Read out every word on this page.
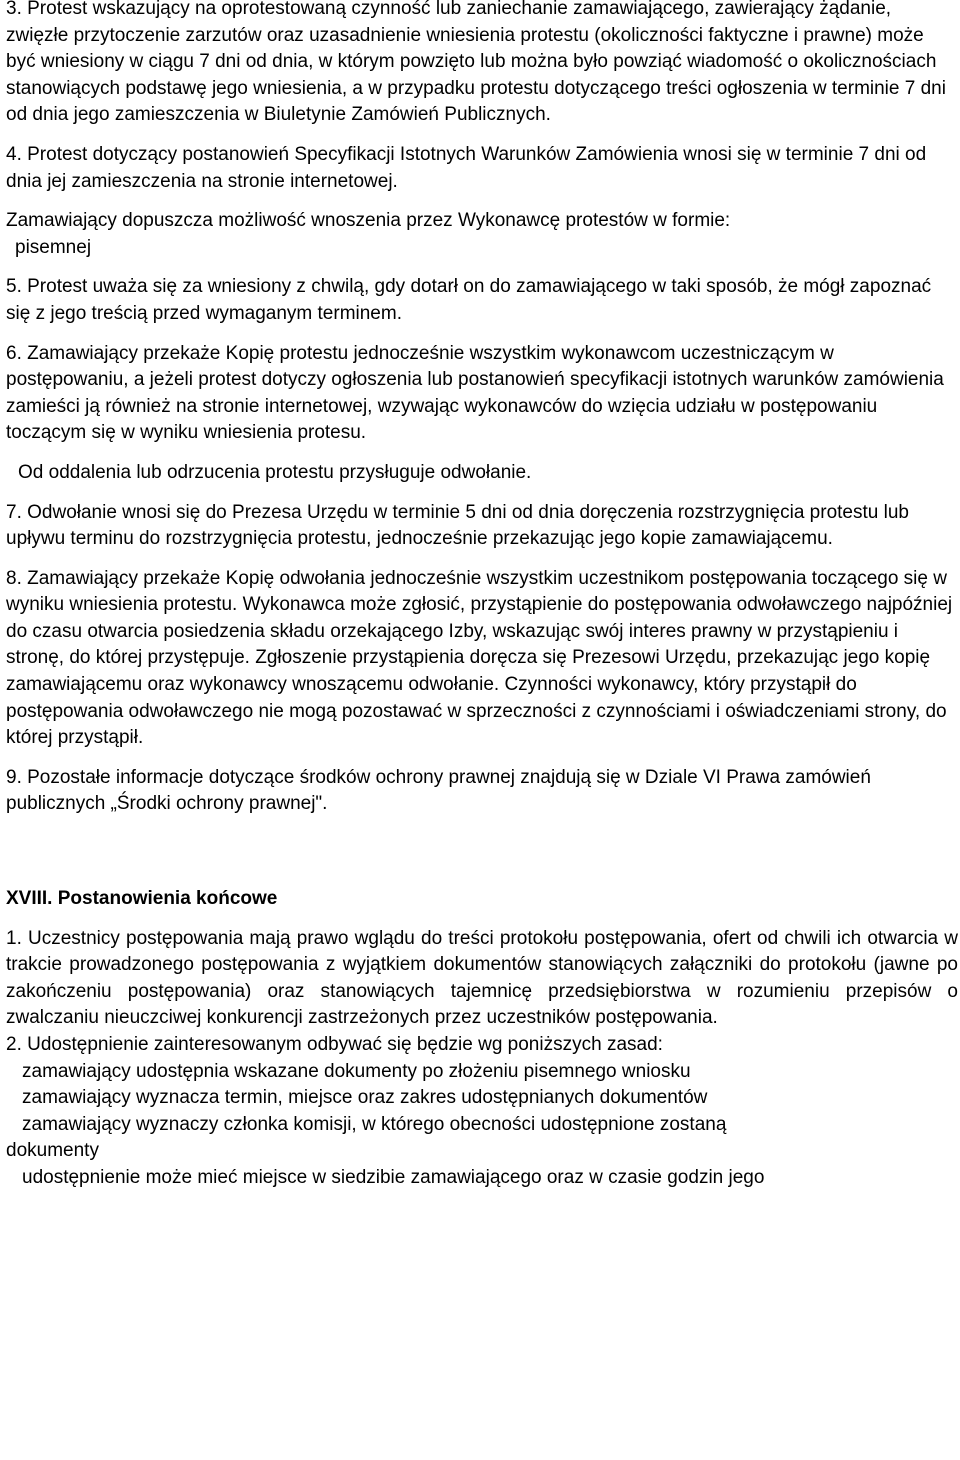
3. Protest wskazujący na oprotestowaną czynność lub zaniechanie zamawiającego, zawierający żądanie, zwięzłe przytoczenie zarzutów oraz uzasadnienie wniesienia protestu (okoliczności faktyczne i prawne) może być wniesiony w ciągu 7 dni od dnia, w którym powzięto lub można było powziąć wiadomość o okolicznościach stanowiących podstawę jego wniesienia, a w przypadku protestu dotyczącego treści ogłoszenia w terminie 7 dni od dnia jego zamieszczenia w Biuletynie Zamówień Publicznych.

4. Protest dotyczący postanowień Specyfikacji Istotnych Warunków Zamówienia wnosi się w terminie 7 dni od dnia jej zamieszczenia na stronie internetowej.

Zamawiający dopuszcza możliwość wnoszenia przez Wykonawcę protestów w formie:

pisemnej

5. Protest uważa się za wniesiony z chwilą, gdy dotarł on do zamawiającego w taki sposób, że mógł zapoznać się z jego treścią przed wymaganym terminem.

6. Zamawiający przekaże Kopię protestu jednocześnie wszystkim wykonawcom uczestniczącym w postępowaniu, a jeżeli protest dotyczy ogłoszenia lub postanowień specyfikacji istotnych warunków zamówienia zamieści ją również na stronie internetowej, wzywając wykonawców do wzięcia udziału w postępowaniu toczącym się w wyniku wniesienia protesu.

Od oddalenia lub odrzucenia protestu przysługuje odwołanie.

7. Odwołanie wnosi się do Prezesa Urzędu w terminie 5 dni od dnia doręczenia rozstrzygnięcia protestu lub upływu terminu do rozstrzygnięcia protestu, jednocześnie przekazując jego kopie zamawiającemu.

8. Zamawiający przekaże Kopię odwołania jednocześnie wszystkim uczestnikom postępowania toczącego się w wyniku wniesienia protestu. Wykonawca może zgłosić, przystąpienie do postępowania odwoławczego najpóźniej do czasu otwarcia posiedzenia składu orzekającego Izby, wskazując swój interes prawny w przystąpieniu i stronę, do której przystępuje. Zgłoszenie przystąpienia doręcza się Prezesowi Urzędu, przekazując jego kopię zamawiającemu oraz wykonawcy wnoszącemu odwołanie. Czynności wykonawcy, który przystąpił do postępowania odwoławczego nie mogą pozostawać w sprzeczności z czynnościami i oświadczeniami strony, do której przystąpił.

9. Pozostałe informacje dotyczące środków ochrony prawnej znajdują się w Dziale VI Prawa zamówień publicznych „Środki ochrony prawnej".

XVIII. Postanowienia końcowe

1. Uczestnicy postępowania mają prawo wglądu do treści protokołu postępowania, ofert od chwili ich otwarcia w trakcie prowadzonego postępowania z wyjątkiem dokumentów stanowiących załączniki do protokołu (jawne po zakończeniu postępowania) oraz stanowiących tajemnicę przedsiębiorstwa w rozumieniu przepisów o zwalczaniu nieuczciwej konkurencji zastrzeżonych przez uczestników postępowania.

2. Udostępnienie zainteresowanym odbywać się będzie wg poniższych zasad:

zamawiający udostępnia wskazane dokumenty po złożeniu pisemnego wniosku

zamawiający wyznacza termin, miejsce oraz zakres udostępnianych dokumentów

zamawiający wyznaczy członka komisji, w którego obecności udostępnione zostaną

dokumenty

udostępnienie może mieć miejsce w siedzibie zamawiającego oraz w czasie godzin jego
